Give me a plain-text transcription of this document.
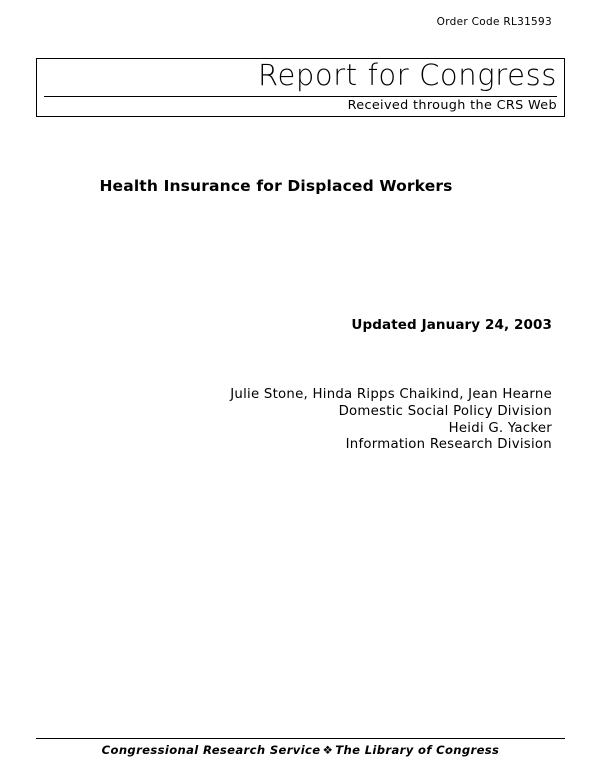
Order Code RL31593
Report for Congress
Received through the CRS Web
Health Insurance for Displaced Workers
Updated January 24, 2003
Julie Stone, Hinda Ripps Chaikind, Jean Hearne
Domestic Social Policy Division
Heidi G. Yacker
Information Research Division
Congressional Research Service ❖ The Library of Congress
